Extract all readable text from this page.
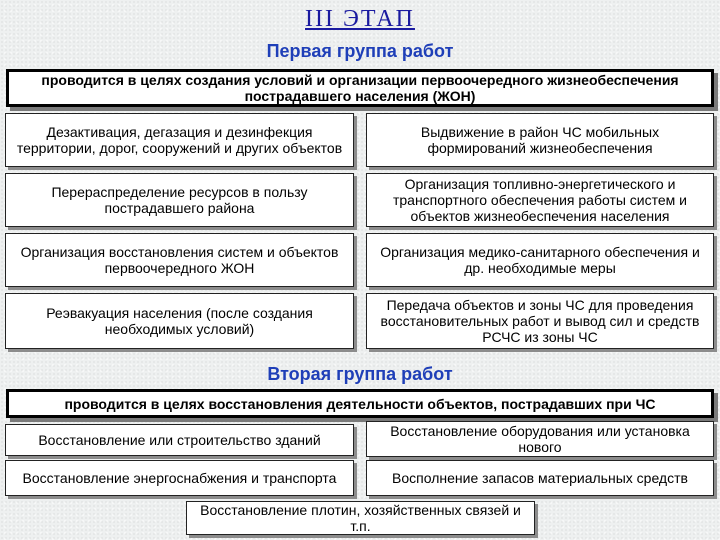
III ЭТАП
Первая группа работ
проводится в целях создания условий и организации первоочередного жизнеобеспечения пострадавшего населения (ЖОН)
Дезактивация, дегазация и дезинфекция территории, дорог, сооружений и других объектов
Выдвижение в район ЧС мобильных формирований жизнеобеспечения
Перераспределение ресурсов в пользу пострадавшего района
Организация топливно-энергетического и транспортного обеспечения работы систем и объектов жизнеобеспечения населения
Организация восстановления систем и объектов первоочередного ЖОН
Организация медико-санитарного обеспечения и др. необходимые меры
Реэвакуация населения (после создания необходимых условий)
Передача объектов и зоны ЧС для проведения восстановительных работ и вывод сил и средств РСЧС из зоны ЧС
Вторая группа работ
проводится в целях восстановления деятельности объектов, пострадавших при ЧС
Восстановление или строительство зданий
Восстановление оборудования или установка нового
Восстановление энергоснабжения и транспорта	Восполнение запасов материальных средств
Восстановление плотин, хозяйственных связей и т.п.
